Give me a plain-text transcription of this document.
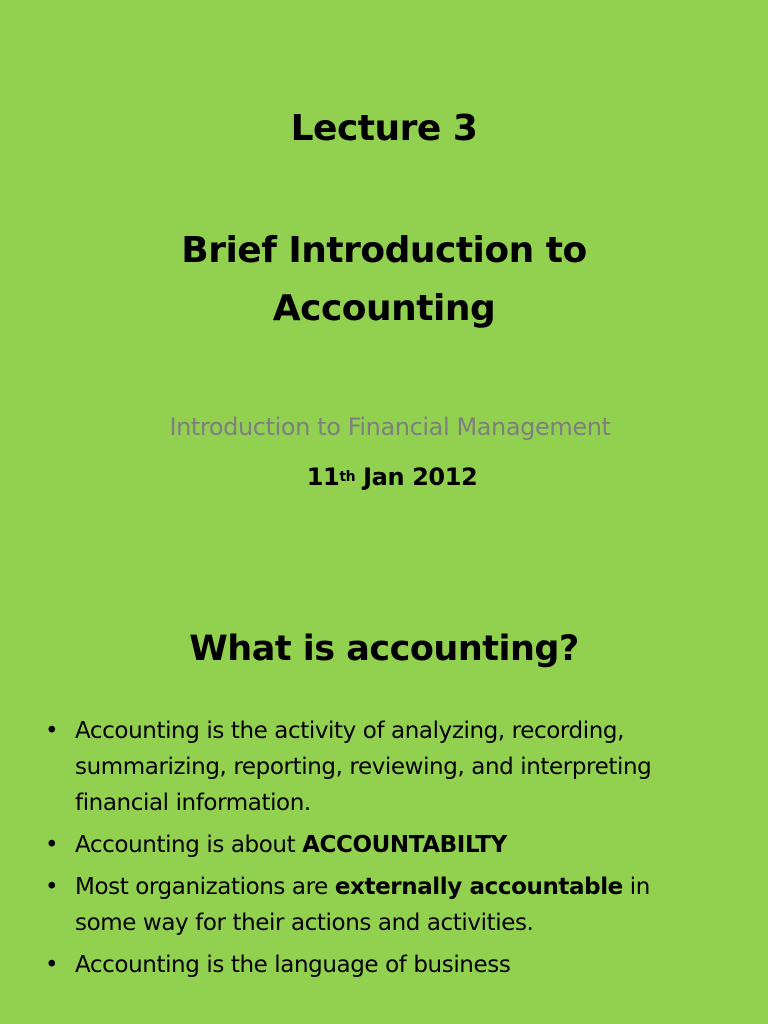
Lecture 3
Brief Introduction to
Accounting
Introduction to Financial Management
11th Jan 2012
What is accounting?
• Accounting is the activity of analyzing, recording,
summarizing, reporting, reviewing, and interpreting
financial information.
• Accounting is about ACCOUNTABILTY
• Most organizations are externally accountable in
some way for their actions and activities.
• Accounting is the language of business
